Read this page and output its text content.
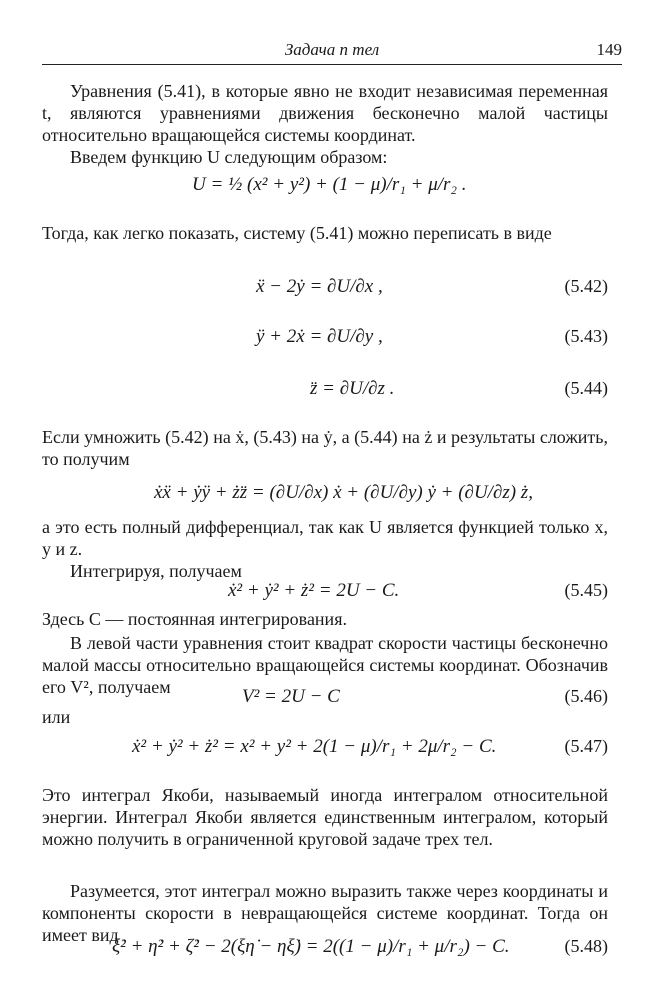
Задача п тел	149
Уравнения (5.41), в которые явно не входит независимая переменная t, являются уравнениями движения бесконечно малой частицы относительно вращающейся системы координат.
Введем функцию U следующим образом:
U = ½ (x² + y²) + (1 − μ)/r₁ + μ/r₂ .
Тогда, как легко показать, систему (5.41) можно переписать в виде
ẍ − 2ẏ = ∂U/∂x ,	(5.42)
ÿ + 2ẋ = ∂U/∂y ,	(5.43)
z̈ = ∂U/∂z .	(5.44)
Если умножить (5.42) на ẋ, (5.43) на ẏ, а (5.44) на ż и результаты сложить, то получим
ẋẍ + ẏÿ + żz̈ = (∂U/∂x) ẋ + (∂U/∂y) ẏ + (∂U/∂z) ż,
а это есть полный дифференциал, так как U является функцией только x, y и z.
Интегрируя, получаем
ẋ² + ẏ² + ż² = 2U − C.	(5.45)
Здесь C — постоянная интегрирования.
В левой части уравнения стоит квадрат скорости частицы бесконечно малой массы относительно вращающейся системы координат. Обозначив его V², получаем	V² = 2U − C	(5.46)
или
ẋ² + ẏ² + ż² = x² + y² + 2(1 − μ)/r₁ + 2μ/r₂ − C.	(5.47)
Это интеграл Якоби, называемый иногда интегралом относительной энергии. Интеграл Якоби является единственным интегралом, который можно получить в ограниченной круговой задаче трех тел.
Разумеется, этот интеграл можно выразить также через координаты и компоненты скорости в невращающейся системе координат. Тогда он имеет вид
ξ̇² + η̇² + ζ̇² − 2(ξη̇ − ηξ̇) = 2((1 − μ)/r₁ + μ/r₂) − C.	(5.48)
